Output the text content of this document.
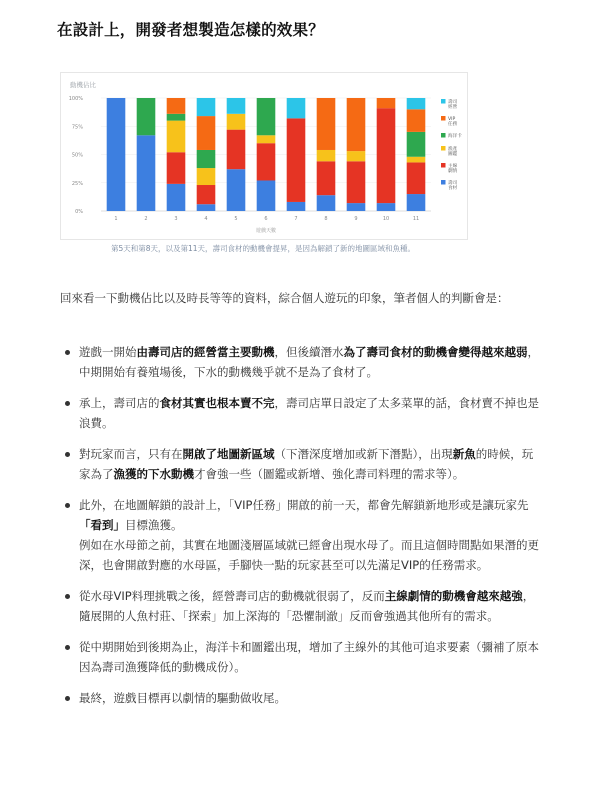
在設計上，開發者想製造怎樣的效果？
動機佔比
0%
25%
50%
75%
100%
1	2	3	4	5	6	7	8	9	10	11
遊戲天數
壽司經營
VIP 任務
海洋卡
漁產圖鑑
主線劇情
壽司食材
第5天和第8天，以及第11天，壽司食材的動機會提昇，是因為解鎖了新的地圖區域和魚種。

回來看一下動機佔比以及時長等等的資料，綜合個人遊玩的印象，筆者個人的判斷會是：

遊戲一開始由壽司店的經營當主要動機，但後續潛水為了壽司食材的動機會變得越來越弱，中期開始有養殖場後，下水的動機幾乎就不是為了食材了。
承上，壽司店的食材其實也根本賣不完，壽司店單日設定了太多菜單的話，食材賣不掉也是浪費。
對玩家而言，只有在開啟了地圖新區域（下潛深度增加或新下潛點），出現新魚的時候，玩家為了漁獲的下水動機才會強一些（圖鑑或新增、強化壽司料理的需求等）。
此外，在地圖解鎖的設計上，「VIP任務」開啟的前一天，都會先解鎖新地形或是讓玩家先「看到」目標漁獲。
例如在水母節之前，其實在地圖淺層區域就已經會出現水母了。而且這個時間點如果潛的更深，也會開啟對應的水母區，手腳快一點的玩家甚至可以先滿足VIP的任務需求。
從水母VIP料理挑戰之後，經營壽司店的動機就很弱了，反而主線劇情的動機會越來越強，隨展開的人魚村莊、「探索」加上深海的「恐懼制澈」反而會強過其他所有的需求。
從中期開始到後期為止，海洋卡和圖鑑出現，增加了主線外的其他可追求要素（彌補了原本因為壽司漁獲降低的動機成份）。
最終，遊戲目標再以劇情的驅動做收尾。
